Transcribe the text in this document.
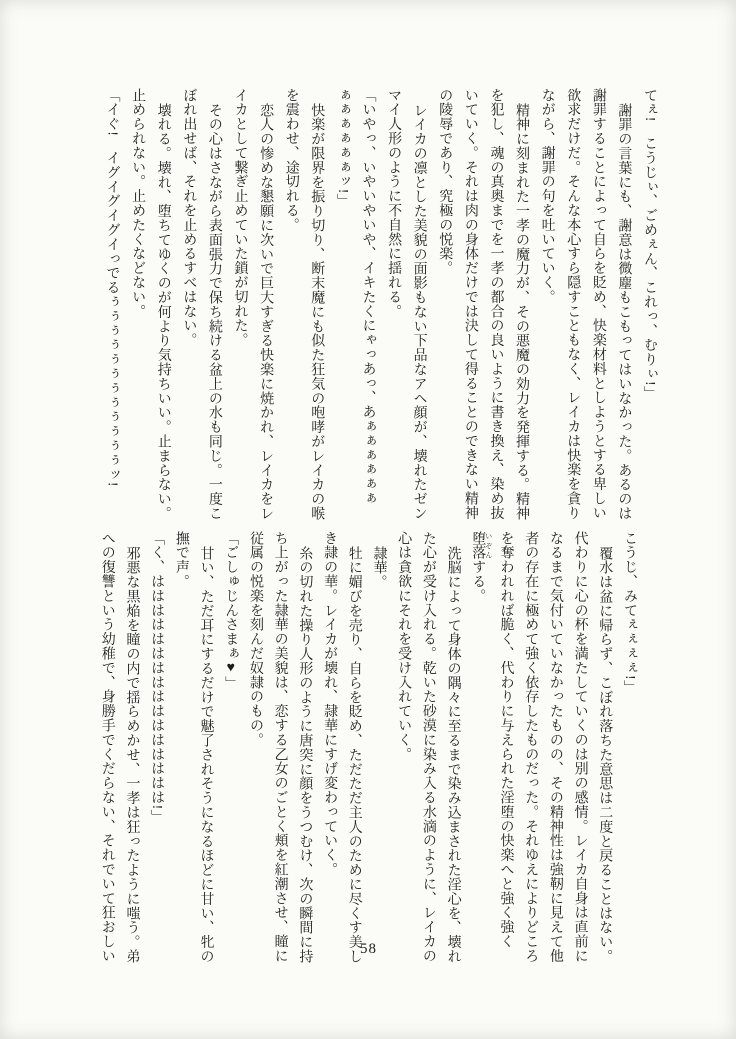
てぇ!　こうじぃ、ごめぇん、これっ、むりぃ!」
謝罪の言葉にも、謝意は微塵もこもってはいなかった。あるのは
謝罪することによって自らを貶め、快楽材料としようとする卑しい
欲求だけだ。そんな本心すら隠すこともなく、レイカは快楽を貪り
ながら、謝罪の句を吐いていく。
精神に刻まれた一孝の魔力が、その悪魔の効力を発揮する。精神
を犯し、魂の真奥までを一孝の都合の良いように書き換え、染め抜
いていく。それは肉の身体だけでは決して得ることのできない精神
の陵辱であり、究極の悦楽。
レイカの凛とした美貌の面影もない下品なアヘ顔が、壊れたゼン
マイ人形のように不自然に揺れる。
「いやっ、いやいやいや、イキたくにゃっあっ、あぁぁぁぁぁぁ
ぁぁぁぁぁぁッ!」
快楽が限界を振り切り、断末魔にも似た狂気の咆哮がレイカの喉
を震わせ、途切れる。
恋人の惨めな懇願に次いで巨大すぎる快楽に焼かれ、レイカをレ
イカとして繋ぎ止めていた鎖が切れた。
その心はさながら表面張力で保ち続ける盆上の水も同じ。一度こ
ぼれ出せば、それを止めるすべはない。
壊れる。壊れ、堕ちてゆくのが何より気持ちいい。止まらない。
止められない。止めたくなどない。
「イぐ!　イグイグイグイっでるぅぅぅぅぅぅぅぅぅぅぅぅッ!
こうじ、みてぇぇぇぇ!」
覆水は盆に帰らず、こぼれ落ちた意思は二度と戻ることはない。
代わりに心の杯を満たしていくのは別の感情。レイカ自身は直前に
なるまで気付いていなかったものの、その精神性は強靭に見えて他
者の存在に極めて強く依存したものだった。それゆえによりどころ
を奪われれば脆く、代わりに与えられた淫堕の快楽へと強く強く
堕落 いぞんする。
洗脳によって身体の隅々に至るまで染み込まされた淫心を、壊れ
た心が受け入れる。乾いた砂漠に染み入る水滴のように、レイカの
心は貪欲にそれを受け入れていく。
隷華。
牡に媚びを売り、自らを貶め、ただただ主人のために尽くす美し
き隷の華。レイカが壊れ、隷華にすげ変わっていく。
糸の切れた操り人形のように唐突に顔をうつむけ、次の瞬間に持
ち上がった隷華の美貌は、恋する乙女のごとく頬を紅潮させ、瞳に
従属の悦楽を刻んだ奴隷のもの。
「ごしゅじんさまぁ♥」
甘い、ただ耳にするだけで魅了されそうになるほどに甘い、牝の
撫で声。
「く、はははははははははははははははは!」
邪悪な黒焔を瞳の内で揺らめかせ、一孝は狂ったように嗤う。弟
への復讐という幼稚で、身勝手でくだらない、それでいて狂おしい	58
